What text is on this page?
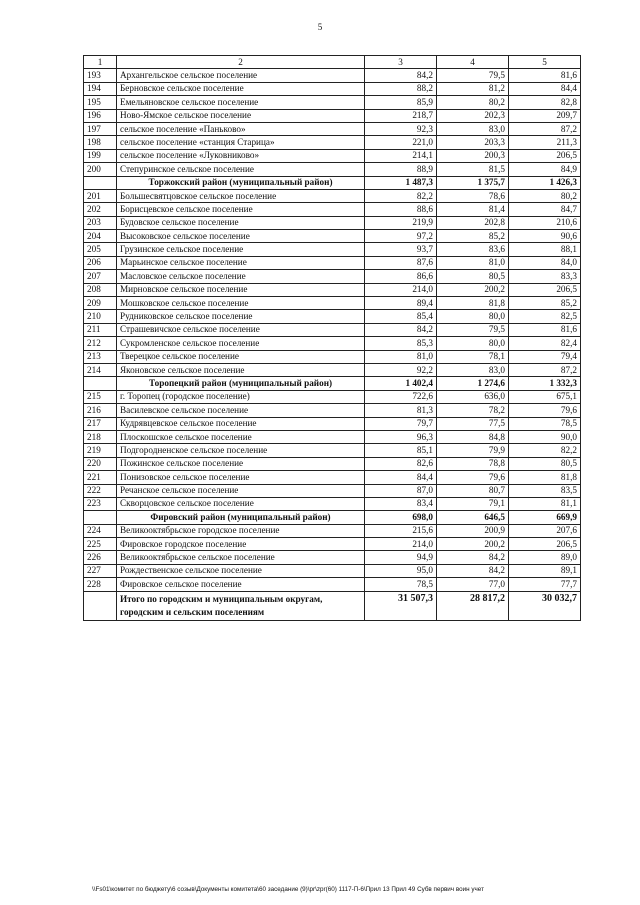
5
1	2	3	4	5
193	Архангельское сельское поселение	84,2	79,5	81,6
194	Берновское сельское поселение	88,2	81,2	84,4
195	Емельяновское сельское поселение	85,9	80,2	82,8
196	Ново-Ямское сельское поселение	218,7	202,3	209,7
197	сельское поселение «Паньково»	92,3	83,0	87,2
198	сельское поселение «станция Старица»	221,0	203,3	211,3
199	сельское поселение «Луковниково»	214,1	200,3	206,5
200	Степуринское сельское поселение	88,9	81,5	84,9
	Торжокский район (муниципальный район)	1 487,3	1 375,7	1 426,3
201	Большесвятцовское сельское поселение	82,2	78,6	80,2
202	Борисцевское сельское поселение	88,6	81,4	84,7
203	Будовское сельское поселение	219,9	202,8	210,6
204	Высоковское сельское поселение	97,2	85,2	90,6
205	Грузинское сельское поселение	93,7	83,6	88,1
206	Марьинское сельское поселение	87,6	81,0	84,0
207	Масловское сельское поселение	86,6	80,5	83,3
208	Мирновское сельское поселение	214,0	200,2	206,5
209	Мошковское сельское поселение	89,4	81,8	85,2
210	Рудниковское сельское поселение	85,4	80,0	82,5
211	Страшевичское сельское поселение	84,2	79,5	81,6
212	Сукромленское сельское поселение	85,3	80,0	82,4
213	Тверецкое сельское поселение	81,0	78,1	79,4
214	Яконовское сельское поселение	92,2	83,0	87,2
	Торопецкий район (муниципальный район)	1 402,4	1 274,6	1 332,3
215	г. Торопец (городское поселение)	722,6	636,0	675,1
216	Василевское сельское поселение	81,3	78,2	79,6
217	Кудрявцевское сельское поселение	79,7	77,5	78,5
218	Плоскошское сельское поселение	96,3	84,8	90,0
219	Подгородненское сельское поселение	85,1	79,9	82,2
220	Пожинское сельское поселение	82,6	78,8	80,5
221	Понизовское сельское поселение	84,4	79,6	81,8
222	Речанское сельское поселение	87,0	80,7	83,5
223	Скворцовское сельское поселение	83,4	79,1	81,1
	Фировский район (муниципальный район)	698,0	646,5	669,9
224	Великооктябрьское городское поселение	215,6	200,9	207,6
225	Фировское городское поселение	214,0	200,2	206,5
226	Великооктябрьское сельское поселение	94,9	84,2	89,0
227	Рождественское сельское поселение	95,0	84,2	89,1
228	Фировское сельское поселение	78,5	77,0	77,7
	Итого по городским и муниципальным округам, городским и сельским поселениям	31 507,3	28 817,2	30 032,7
\\Fs01\комитет по бюджету\6 созыв\Документы комитета\60 заседание (9)\pr\zpr(60) 1117-П-6\Прил 13 Прил 49 Субв первич воин учет
